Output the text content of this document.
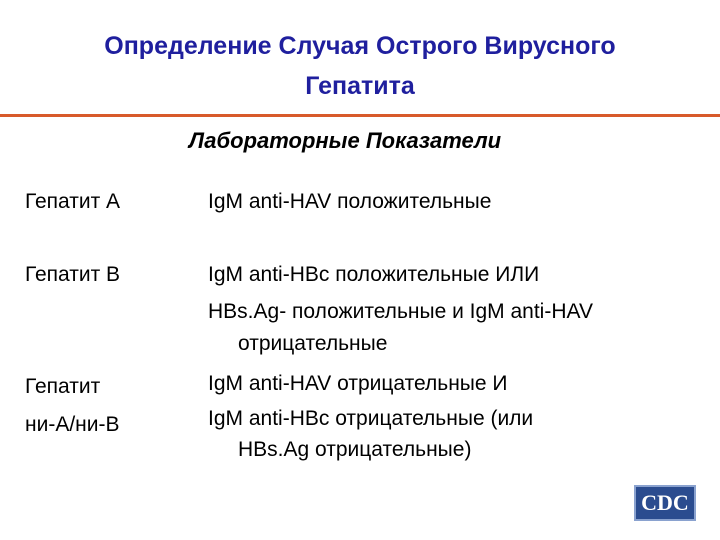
Определение Случая Острого Вирусного
Гепатита
Лабораторные Показатели
Гепатит А	IgM anti-HAV положительные
Гепатит В	IgM anti-HBc положительные ИЛИ
HBs.Ag- положительные и IgM anti-HAV
отрицательные
Гепатит
ни-А/ни-В
IgM anti-HAV отрицательные И
IgM anti-HBc отрицательные (или
HBs.Ag отрицательные)
CDC
